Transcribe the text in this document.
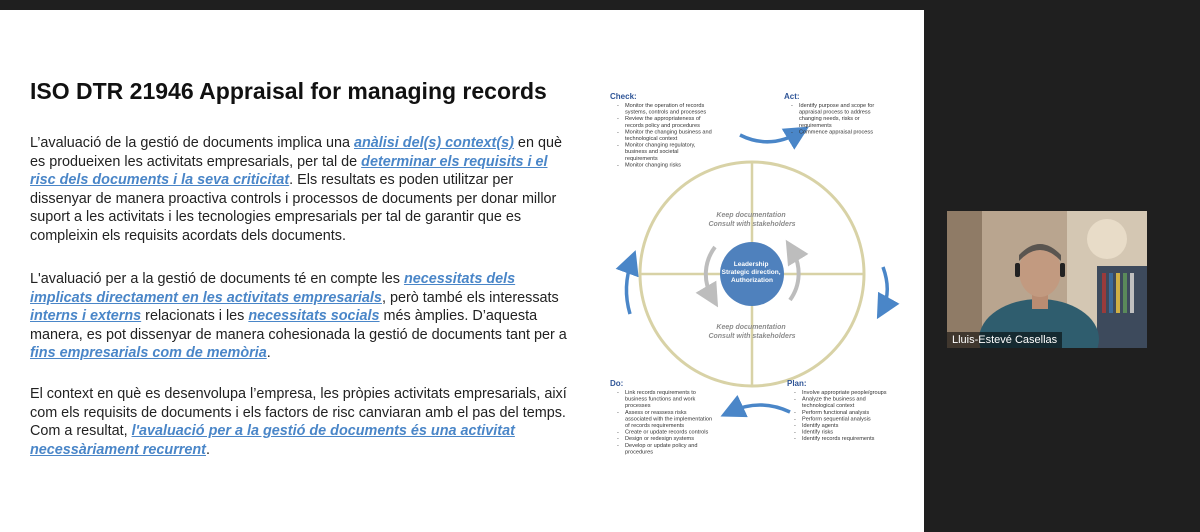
ISO DTR 21946 Appraisal for managing records
L’avaluació de la gestió de documents implica una anàlisi del(s) context(s) en què es produeixen les activitats empresarials, per tal de determinar els requisits i el risc dels documents i la seva criticitat. Els resultats es poden utilitzar per dissenyar de manera proactiva controls i processos de documents per donar millor suport a les activitats i les tecnologies empresarials per tal de garantir que es compleixin els requisits acordats dels documents.
L'avaluació per a la gestió de documents té en compte les necessitats dels implicats directament en les activitats empresarials, però també els interessats interns i externs relacionats i les necessitats socials més àmplies. D’aquesta manera, es pot dissenyar de manera cohesionada la gestió de documents tant per a fins empresarials com de memòria.
El context en què es desenvolupa l’empresa, les pròpies activitats empresarials, així com els requisits de documents i els factors de risc canviaran amb el pas del temps. Com a resultat, l'avaluació per a la gestió de documents és una activitat necessàriament recurrent.
Leadership Strategic direction, Authorization
Keep documentation Consult with stakeholders
Keep documentation Consult with stakeholders
Check:
Monitor the operation of records
-
systems, controls and processes
Review the appropriateness of
-
records policy and procedures
Monitor the changing business and
-
technological context
Monitor changing regulatory,
-
business and societal
requirements
Monitor changing risks
-
Act:
Identify purpose and scope for
-
appraisal process to address
changing needs, risks or
requirements
Commence appraisal process
-
Do:
Link records requirements to
-
business functions and work
processes
Assess or reassess risks
-
associated with the implementation
of records requirements
Create or update records controls
-
Design or redesign systems
-
Develop or update policy and
-
procedures
Plan:
Involve appropriate people/groups
-
Analyze the business and
-
technological context
Perform functional analysis
-
Perform sequential analysis
-
Identify agents
-
Identify risks
-
Identify records requirements
-
Lluis-Estevé Casellas
